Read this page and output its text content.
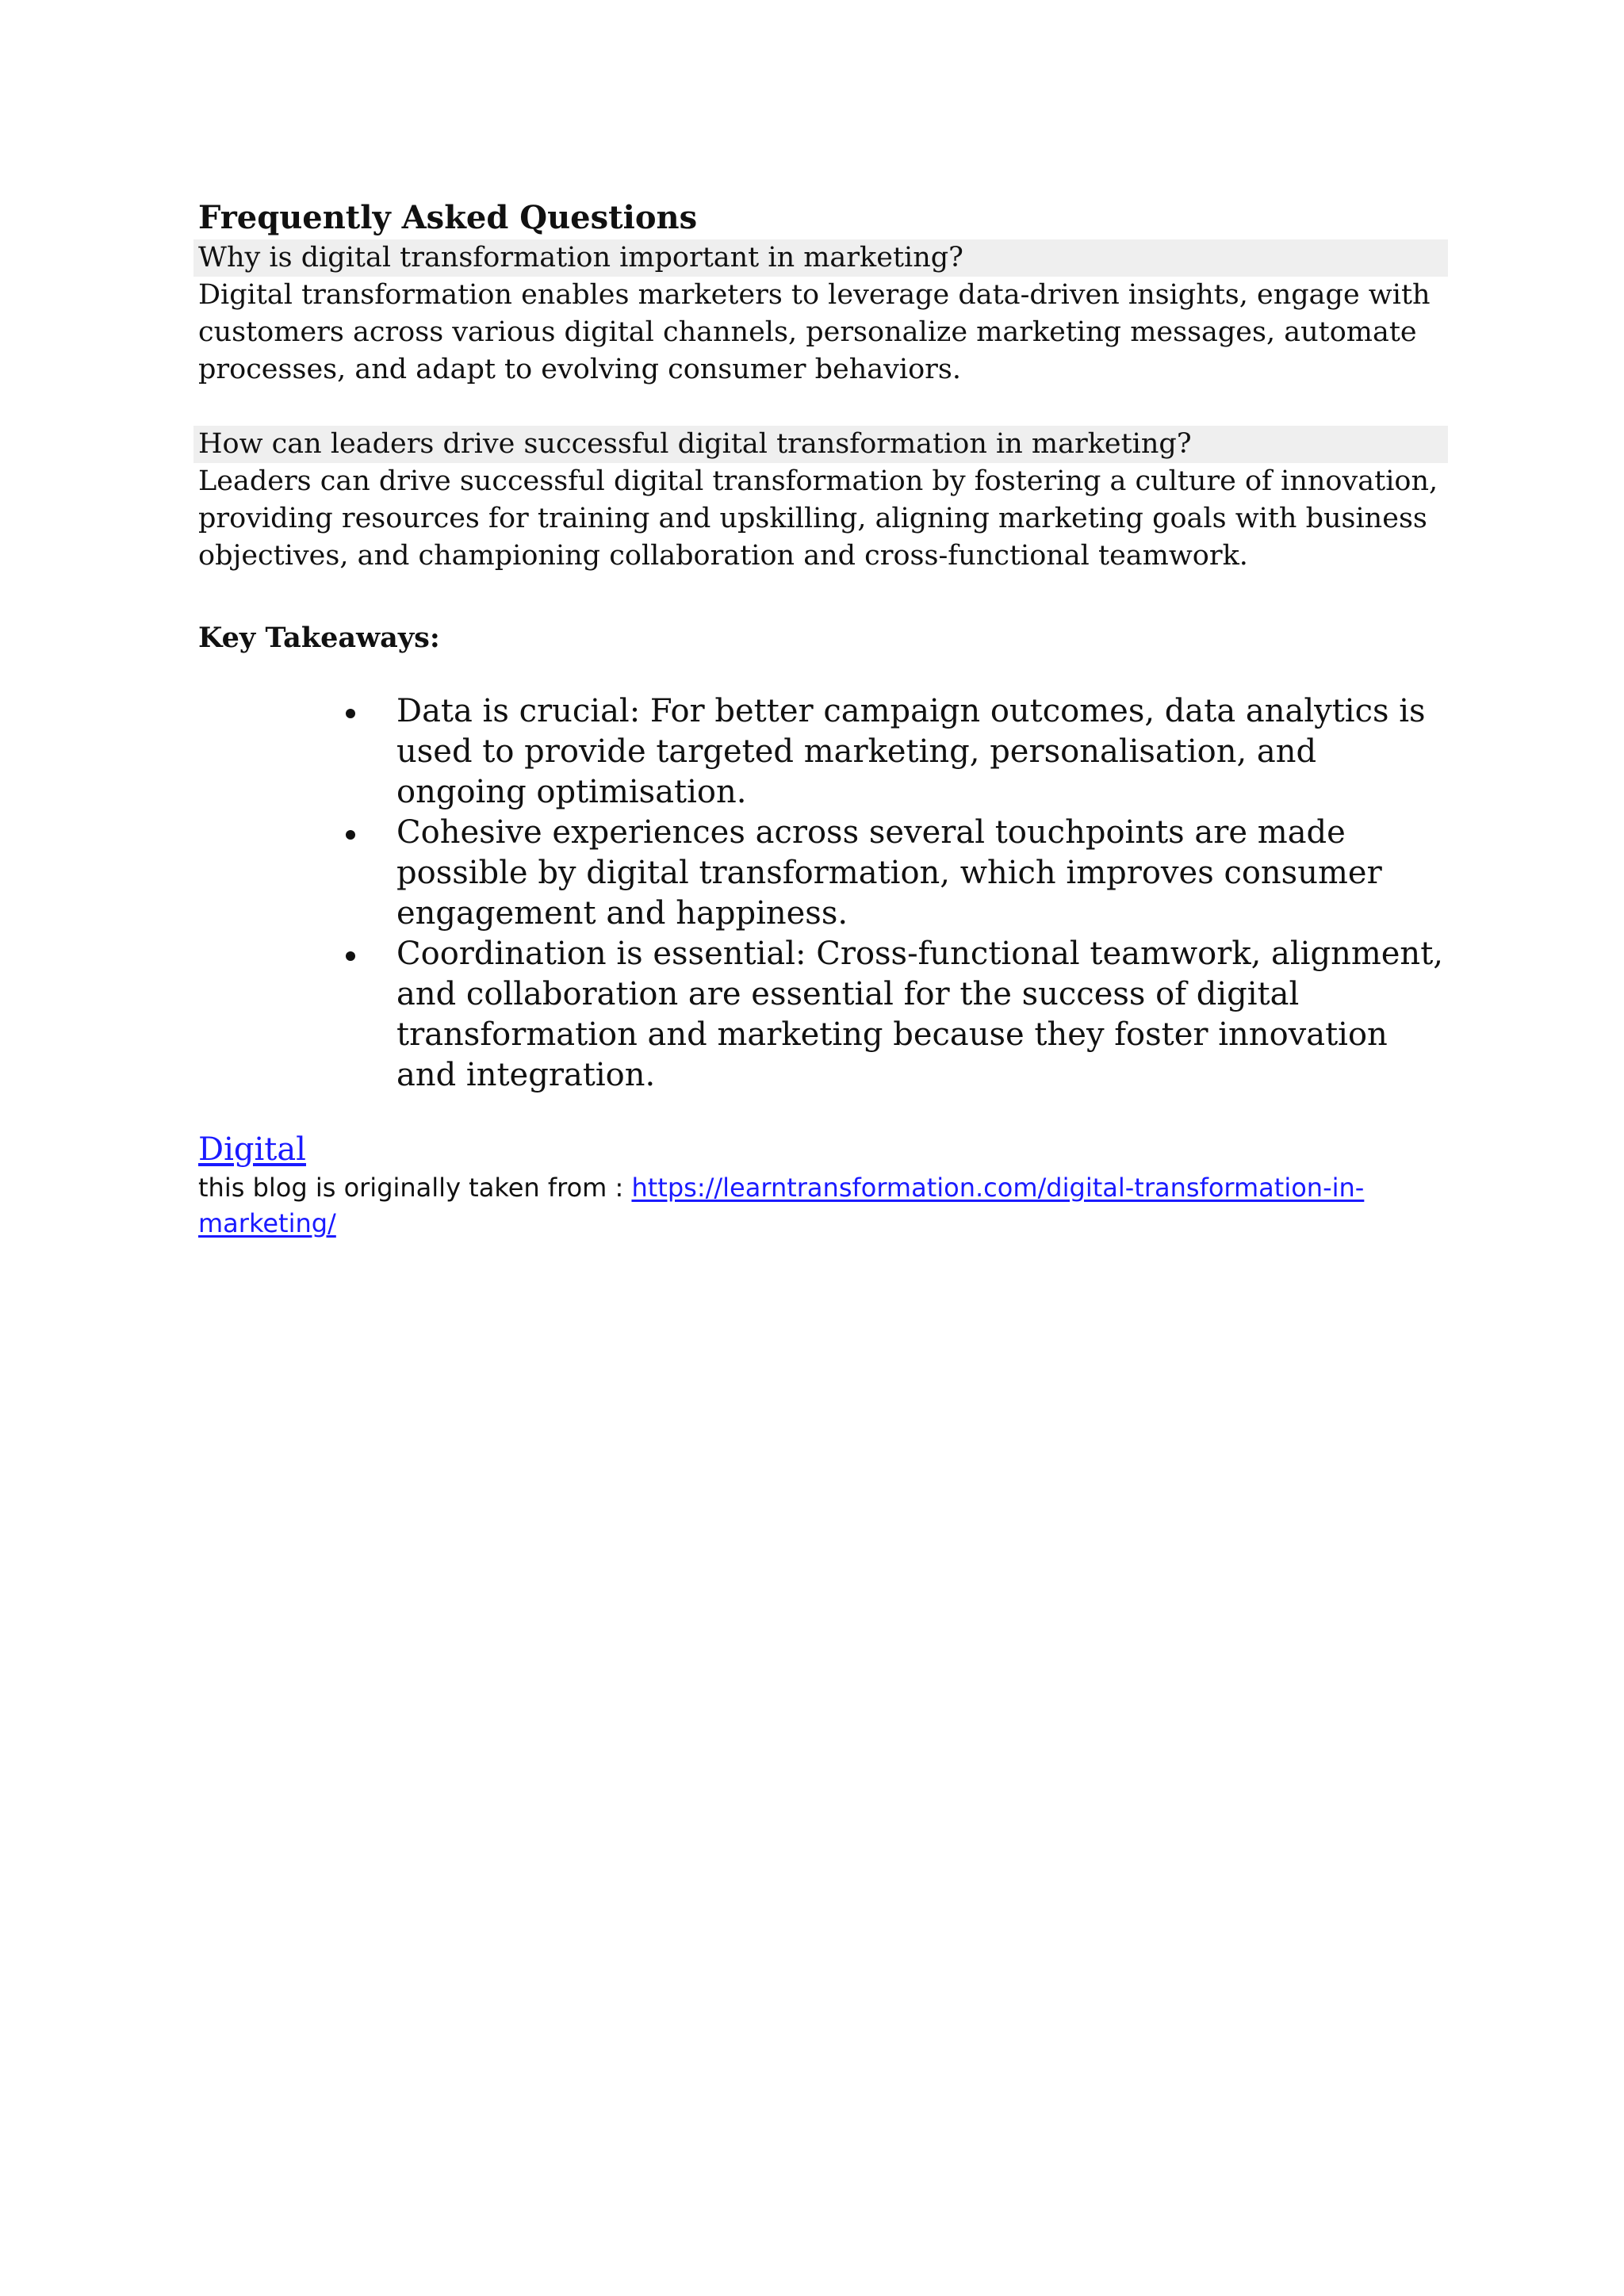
Frequently Asked Questions

Why is digital transformation important in marketing?

Digital transformation enables marketers to leverage data-driven insights, engage with customers across various digital channels, personalize marketing messages, automate processes, and adapt to evolving consumer behaviors.

How can leaders drive successful digital transformation in marketing?

Leaders can drive successful digital transformation by fostering a culture of innovation, providing resources for training and upskilling, aligning marketing goals with business objectives, and championing collaboration and cross-functional teamwork.

Key Takeaways:
Data is crucial: For better campaign outcomes, data analytics is used to provide targeted marketing, personalisation, and ongoing optimisation.
Cohesive experiences across several touchpoints are made possible by digital transformation, which improves consumer engagement and happiness.
Coordination is essential: Cross-functional teamwork, alignment, and collaboration are essential for the success of digital transformation and marketing because they foster innovation and integration.
Digital

this blog is originally taken from : https://learntransformation.com/digital-transformation-in-marketing/
